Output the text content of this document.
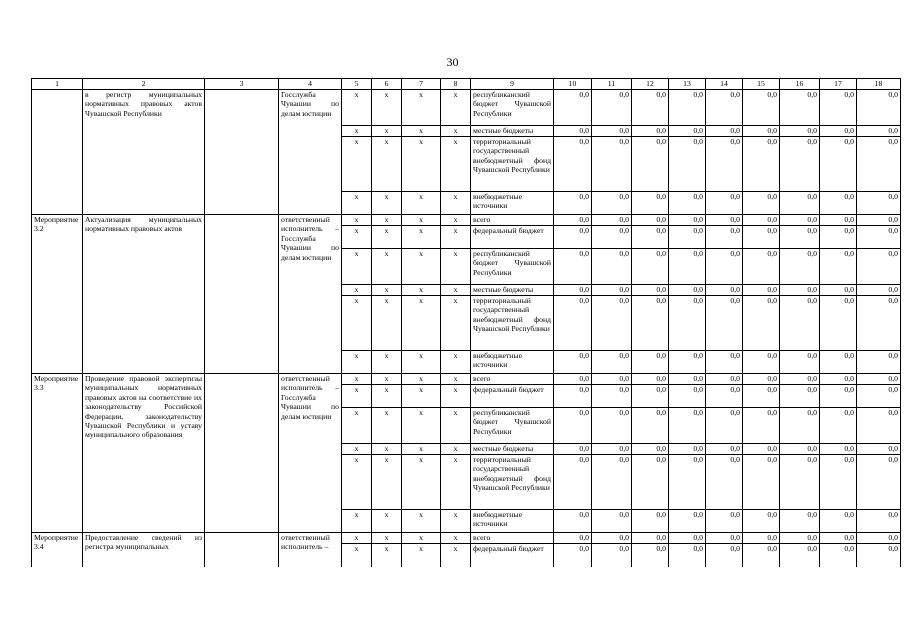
30
1	2	3	4	5	6	7	8	9	10	11	12	13	14	15	16	17	18
	в регистр муниципальных нормативных правовых актов Чувашской Республики		Госслужба Чувашии по делам юстиции	х	х	х	х	республиканский бюджет Чувашской Республики	0,0	0,0	0,0	0,0	0,0	0,0	0,0	0,0	0,0
				х	х	х	х	местные бюджеты	0,0	0,0	0,0	0,0	0,0	0,0	0,0	0,0	0,0
				х	х	х	х	территориальный государственный внебюджетный фонд Чувашской Республики	0,0	0,0	0,0	0,0	0,0	0,0	0,0	0,0	0,0
				х	х	х	х	внебюджетные источники	0,0	0,0	0,0	0,0	0,0	0,0	0,0	0,0	0,0
Мероприятие 3.2	Актуализация муниципальных нормативных правовых актов		ответственный исполнитель – Госслужба Чувашии по делам юстиции	х	х	х	х	всего	0,0	0,0	0,0	0,0	0,0	0,0	0,0	0,0	0,0
				х	х	х	х	федеральный бюджет	0,0	0,0	0,0	0,0	0,0	0,0	0,0	0,0	0,0
				х	х	х	х	республиканский бюджет Чувашской Республики	0,0	0,0	0,0	0,0	0,0	0,0	0,0	0,0	0,0
				х	х	х	х	местные бюджеты	0,0	0,0	0,0	0,0	0,0	0,0	0,0	0,0	0,0
				х	х	х	х	территориальный государственный внебюджетный фонд Чувашской Республики	0,0	0,0	0,0	0,0	0,0	0,0	0,0	0,0	0,0
				х	х	х	х	внебюджетные источники	0,0	0,0	0,0	0,0	0,0	0,0	0,0	0,0	0,0
Мероприятие 3.3	Проведение правовой экспертизы муниципальных нормативных правовых актов на соответствие их законодательству Российской Федерации, законодательству Чувашской Республики и уставу муниципального образования		ответственный исполнитель – Госслужба Чувашии по делам юстиции	х	х	х	х	всего	0,0	0,0	0,0	0,0	0,0	0,0	0,0	0,0	0,0
				х	х	х	х	федеральный бюджет	0,0	0,0	0,0	0,0	0,0	0,0	0,0	0,0	0,0
				х	х	х	х	республиканский бюджет Чувашской Республики	0,0	0,0	0,0	0,0	0,0	0,0	0,0	0,0	0,0
				х	х	х	х	местные бюджеты	0,0	0,0	0,0	0,0	0,0	0,0	0,0	0,0	0,0
				х	х	х	х	территориальный государственный внебюджетный фонд Чувашской Республики	0,0	0,0	0,0	0,0	0,0	0,0	0,0	0,0	0,0
				х	х	х	х	внебюджетные источники	0,0	0,0	0,0	0,0	0,0	0,0	0,0	0,0	0,0
Мероприятие 3.4	Предоставление сведений из регистра муниципальных		ответственный исполнитель –	х	х	х	х	всего	0,0	0,0	0,0	0,0	0,0	0,0	0,0	0,0	0,0
				х	х	х	х	федеральный бюджет	0,0	0,0	0,0	0,0	0,0	0,0	0,0	0,0	0,0
